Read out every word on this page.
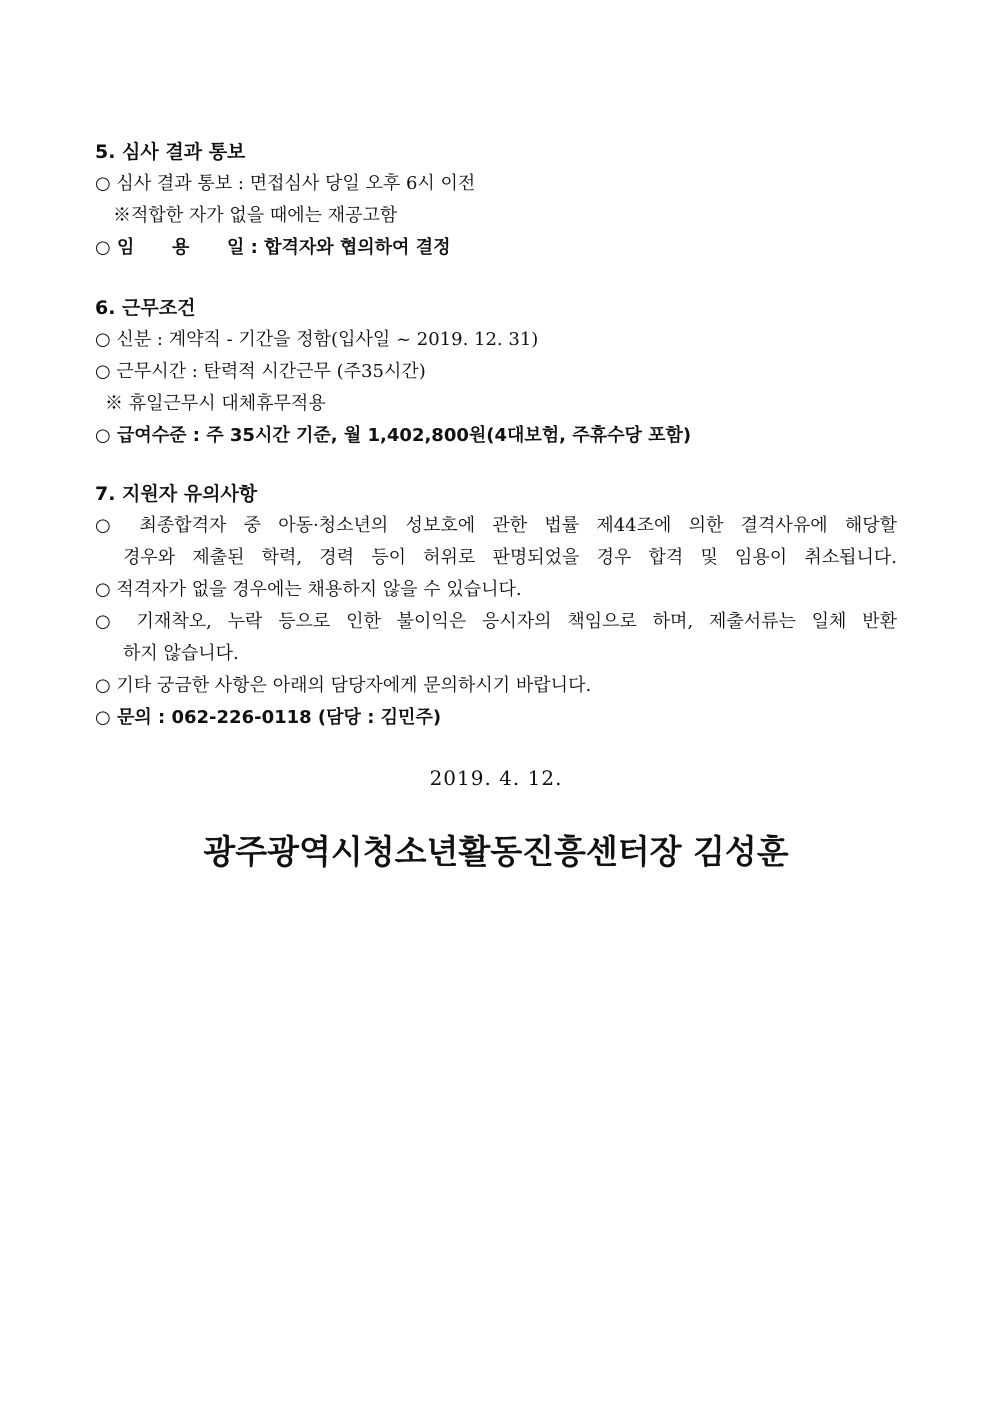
5. 심사 결과 통보
○ 심사 결과 통보 : 면접심사 당일 오후 6시 이전
※적합한 자가 없을 때에는 재공고함
○ 임      용      일 : 합격자와 협의하여 결정
6. 근무조건
○ 신분 : 계약직 - 기간을 정함(입사일 ~ 2019. 12. 31)
○ 근무시간 : 탄력적 시간근무 (주35시간)
※ 휴일근무시 대체휴무적용
○ 급여수준 : 주 35시간 기준, 월 1,402,800원(4대보험, 주휴수당 포함)
7. 지원자 유의사항
○ 최종합격자 중 아동·청소년의 성보호에 관한 법률 제44조에 의한 결격사유에 해당할
경우와 제출된 학력, 경력 등이 허위로 판명되었을 경우 합격 및 임용이 취소됩니다.
○ 적격자가 없을 경우에는 채용하지 않을 수 있습니다.
○ 기재착오, 누락 등으로 인한 불이익은 응시자의 책임으로 하며, 제출서류는 일체 반환
하지 않습니다.
○ 기타 궁금한 사항은 아래의 담당자에게 문의하시기 바랍니다.
○ 문의 : 062-226-0118 (담당 : 김민주)
2019. 4. 12.
광주광역시청소년활동진흥센터장 김성훈
